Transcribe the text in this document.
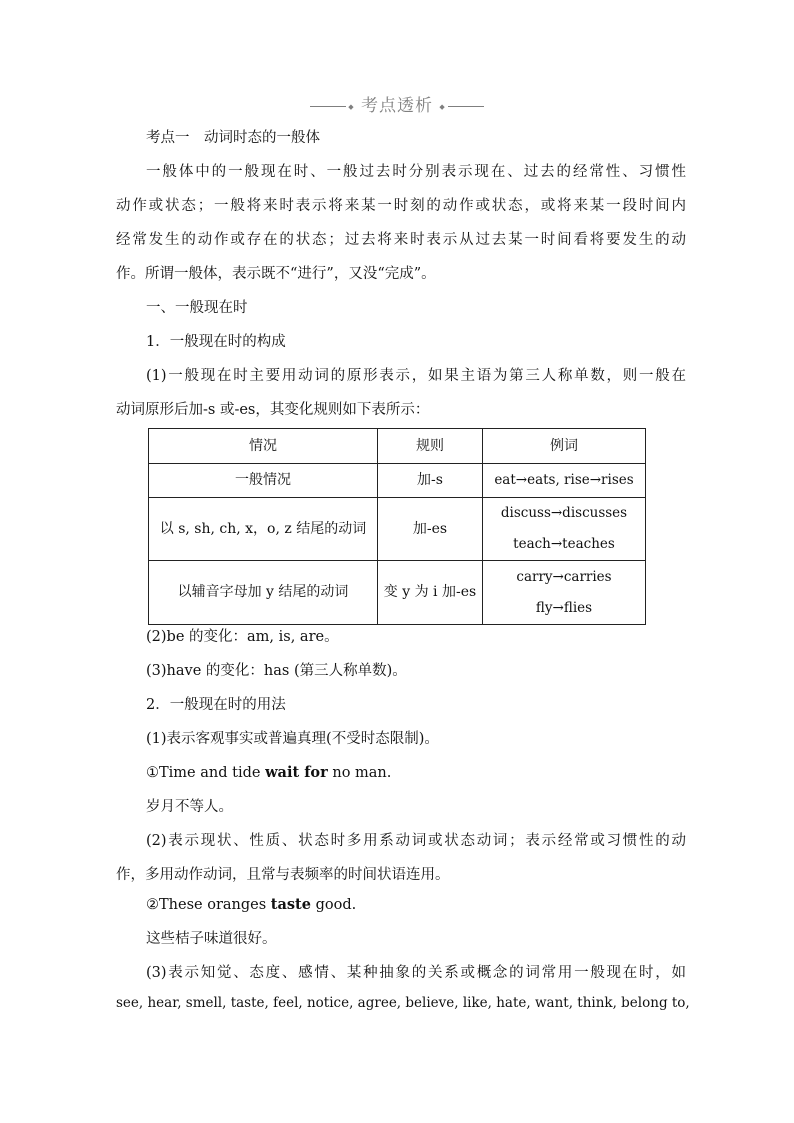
◆ 考点透析 ◆
考点一　动词时态的一般体
一般体中的一般现在时、一般过去时分别表示现在、过去的经常性、习惯性
动作或状态；一般将来时表示将来某一时刻的动作或状态，或将来某一段时间内
经常发生的动作或存在的状态；过去将来时表示从过去某一时间看将要发生的动
作。所谓一般体，表示既不“进行”，又没“完成”。
一、一般现在时
1．一般现在时的构成
(1)一般现在时主要用动词的原形表示，如果主语为第三人称单数，则一般在
动词原形后加-s 或-es，其变化规则如下表所示：
情况	规则	例词
一般情况	加-s	eat→eats, rise→rises
以 s, sh, ch, x，o, z 结尾的动词	加-es	discuss→discusses
teach→teaches

以辅音字母加 y 结尾的动词	变 y 为 i 加-es	carry→carries
fly→flies
(2)be 的变化：am, is, are。
(3)have 的变化：has (第三人称单数)。
2．一般现在时的用法
(1)表示客观事实或普遍真理(不受时态限制)。
①Time and tide wait for no man.
岁月不等人。
(2)表示现状、性质、状态时多用系动词或状态动词；表示经常或习惯性的动
作，多用动作动词，且常与表频率的时间状语连用。
②These oranges taste good.
这些桔子味道很好。
(3)表示知觉、态度、感情、某种抽象的关系或概念的词常用一般现在时，如
see, hear, smell, taste, feel, notice, agree, believe, like, hate, want, think, belong to,
